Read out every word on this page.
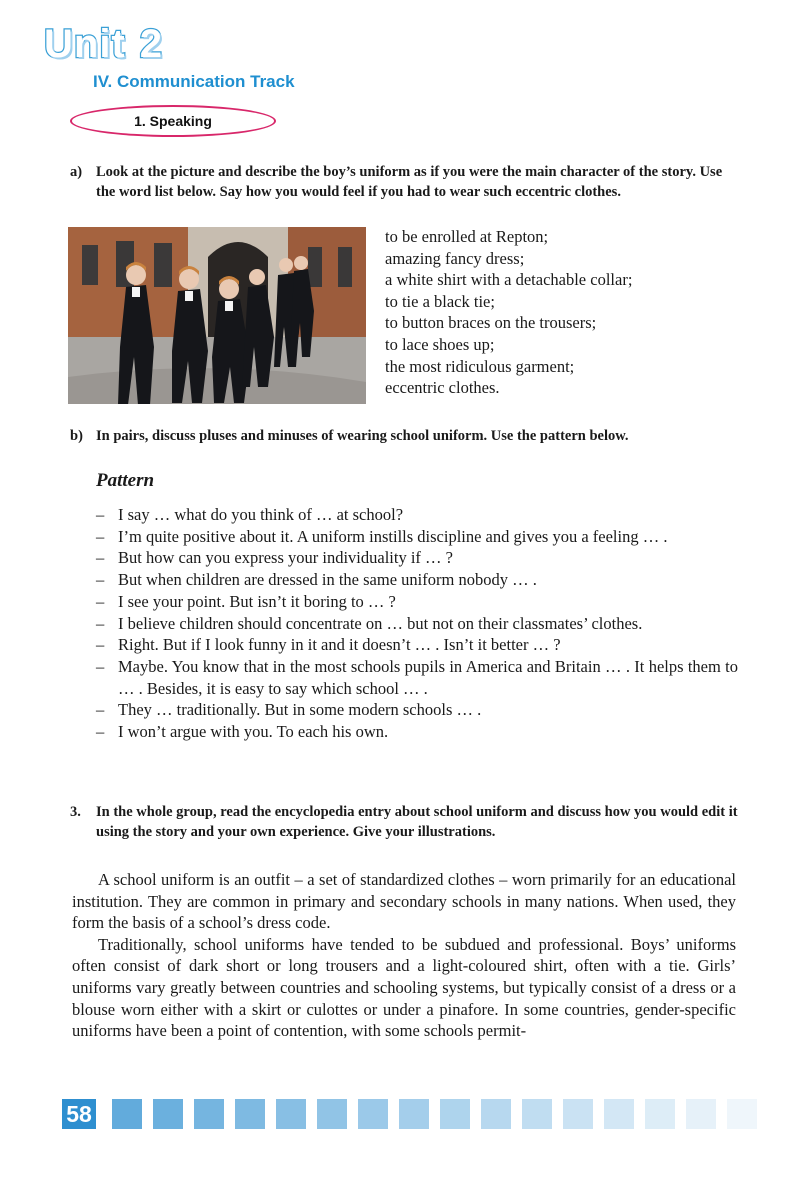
Unit 2
IV. Communication Track
1. Speaking
a) Look at the picture and describe the boy’s uniform as if you were the main character of the story. Use the word list below. Say how you would feel if you had to wear such eccentric clothes.
to be enrolled at Repton;
amazing fancy dress;
a white shirt with a detachable collar;
to tie a black tie;
to button braces on the trousers;
to lace shoes up;
the most ridiculous garment;
eccentric clothes.
b) In pairs, discuss pluses and minuses of wearing school uniform. Use the pattern below.
Pattern
– I say … what do you think of … at school?
– I’m quite positive about it. A uniform instills discipline and gives you a feeling … .
– But how can you express your individuality if … ?
– But when children are dressed in the same uniform nobody … .
– I see your point. But isn’t it boring to … ?
– I believe children should concentrate on … but not on their classmates’ clothes.
– Right. But if I look funny in it and it doesn’t … . Isn’t it better … ?
– Maybe. You know that in the most schools pupils in America and Britain … . It helps them to … . Besides, it is easy to say which school … .
– They … traditionally. But in some modern schools … .
– I won’t argue with you. To each his own.
3. In the whole group, read the encyclopedia entry about school uniform and discuss how you would edit it using the story and your own experience. Give your illustrations.

A school uniform is an outfit – a set of standardized clothes – worn primarily for an educational institution. They are common in primary and secondary schools in many nations. When used, they form the basis of a school’s dress code.

Traditionally, school uniforms have tended to be subdued and professional. Boys’ uniforms often consist of dark short or long trousers and a light-coloured shirt, often with a tie. Girls’ uniforms vary greatly between countries and schooling systems, but typically consist of a dress or a blouse worn either with a skirt or culottes or under a pinafore. In some countries, gender-specific uniforms have been a point of contention, with some schools permit-

58
